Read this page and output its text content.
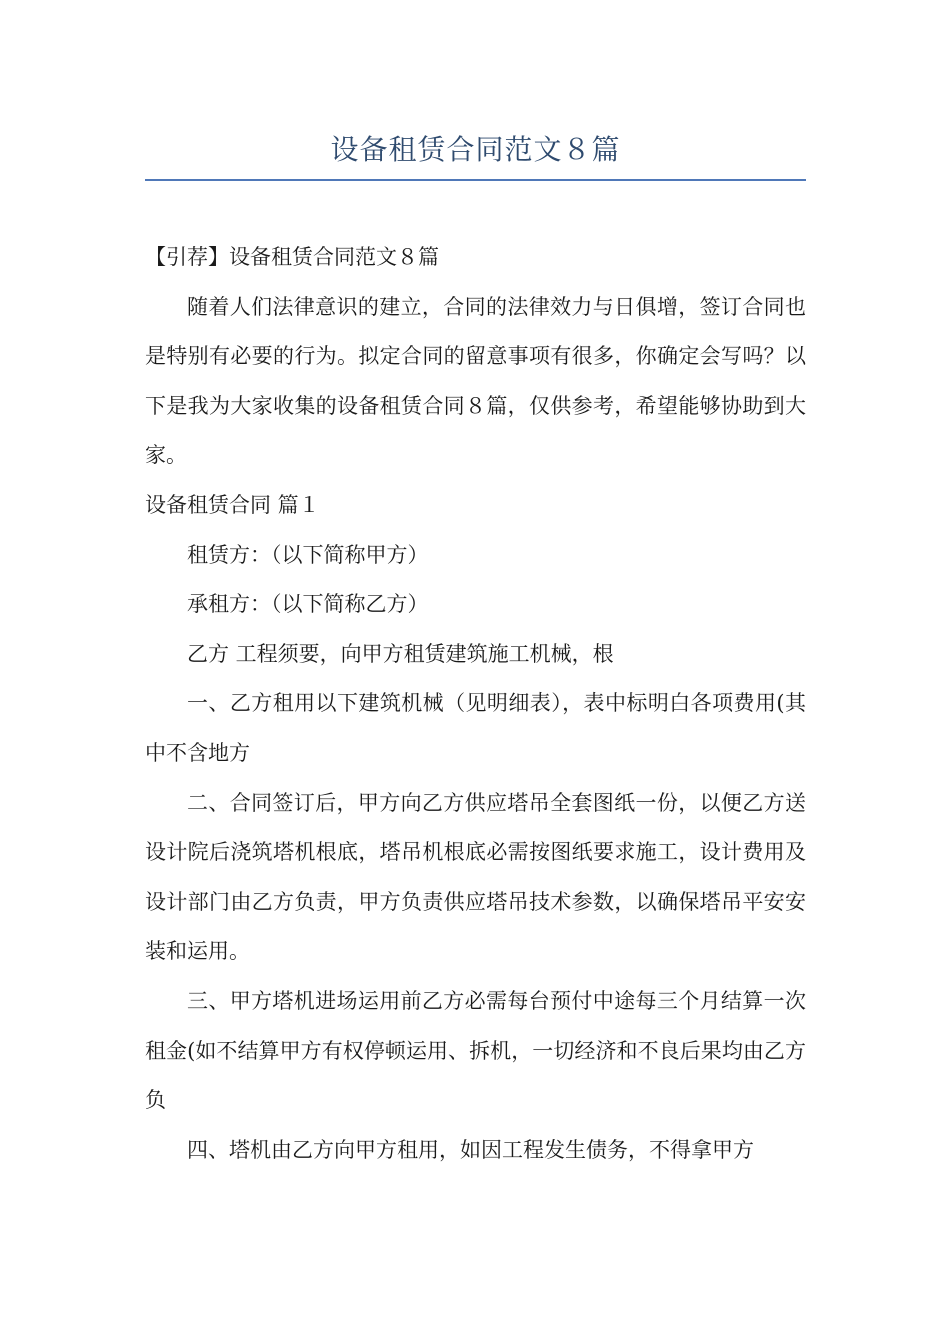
设备租赁合同范文８篇

【引荐】设备租赁合同范文８篇

随着人们法律意识的建立，合同的法律效力与日俱增，签订合同也是特别有必要的行为。拟定合同的留意事项有很多，你确定会写吗？以下是我为大家收集的设备租赁合同８篇，仅供参考，希望能够协助到大家。

设备租赁合同 篇１

租赁方：（以下简称甲方）

承租方：（以下简称乙方）

乙方 工程须要，向甲方租赁建筑施工机械，根

一、乙方租用以下建筑机械（见明细表），表中标明白各项费用(其中不含地方

二、合同签订后，甲方向乙方供应塔吊全套图纸一份，以便乙方送设计院后浇筑塔机根底，塔吊机根底必需按图纸要求施工，设计费用及设计部门由乙方负责，甲方负责供应塔吊技术参数，以确保塔吊平安安装和运用。

三、甲方塔机进场运用前乙方必需每台预付中途每三个月结算一次租金(如不结算甲方有权停顿运用、拆机，一切经济和不良后果均由乙方负

四、塔机由乙方向甲方租用，如因工程发生债务，不得拿甲方
